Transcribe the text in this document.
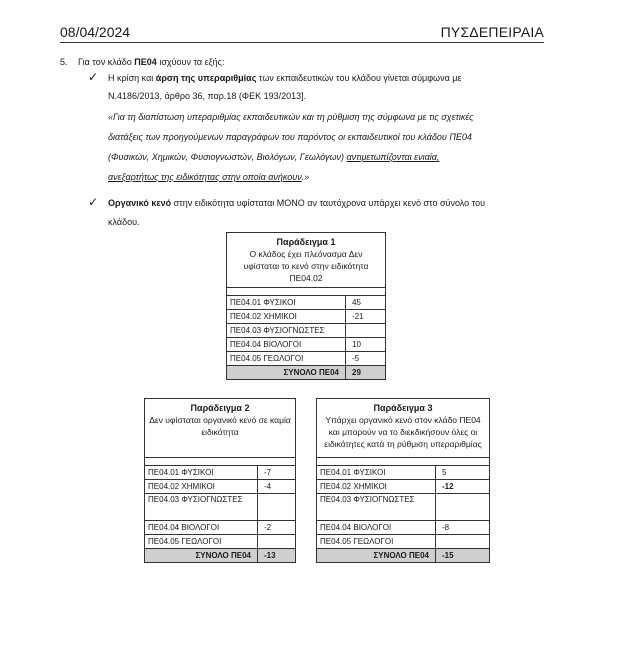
08/04/2024	ΠΥΣΔΕΠΕΙΡΑΙΑ
5. Για τον κλάδο ΠΕ04 ισχύουν τα εξής:
✓ Η κρίση και άρση της υπεραριθμίας των εκπαιδευτικών του κλάδου γίνεται σύμφωνα με
Ν.4186/2013, άρθρο 36, παρ.18 (ΦΕΚ 193/2013].
«Για τη διαπίστωση υπεραριθμίας εκπαιδευτικών και τη ρύθμιση της σύμφωνα με τις σχετικές
διατάξεις των προηγούμενων παραγράφων του παρόντος οι εκπαιδευτικοί του κλάδου ΠΕ04
(Φυσικών, Χημικών, Φυσιογνωστών, Βιολόγων, Γεωλόγων) αντιμετωπίζονται ενιαία,
ανεξαρτήτως της ειδικότητας στην οποία ανήκουν.»
✓ Οργανικό κενό στην ειδικότητα υφίσταται ΜΟΝΟ αν ταυτόχρονα υπάρχει κενό στο σύνολο του
κλάδου.
Παράδειγμα 1
Ο κλάδος έχει πλεόνασμα Δεν υφίσταται το κενό στην ειδικότητα ΠΕ04.02	

ΠΕ04.01 ΦΥΣΙΚΟΙ	45
ΠΕ04.02 ΧΗΜΙΚΟΙ	-21
ΠΕ04.03 ΦΥΣΙΟΓΝΩΣΤΕΣ	
ΠΕ04.04 ΒΙΟΛΟΓΟΙ	10
ΠΕ04.05 ΓΕΩΛΟΓΟΙ	-5
ΣΥΝΟΛΟ ΠΕ04	29
Παράδειγμα 2
Δεν υφίσταται οργανικό κενό σε καμία ειδικότητα	

ΠΕ04.01 ΦΥΣΙΚΟΙ	-7
ΠΕ04.02 ΧΗΜΙΚΟΙ	-4
ΠΕ04.03 ΦΥΣΙΟΓΝΩΣΤΕΣ	
ΠΕ04.04 ΒΙΟΛΟΓΟΙ	-2
ΠΕ04.05 ΓΕΩΛΟΓΟΙ	
ΣΥΝΟΛΟ ΠΕ04	-13
Παράδειγμα 3
Υπάρχει οργανικό κενό στον κλάδο ΠΕ04 και μπορούν να το διεκδικήσουν όλες οι ειδικότητες κατά τη ρύθμιση υπεραριθμίας	

ΠΕ04.01 ΦΥΣΙΚΟΙ	5
ΠΕ04.02 ΧΗΜΙΚΟΙ	-12
ΠΕ04.03 ΦΥΣΙΟΓΝΩΣΤΕΣ	
ΠΕ04.04 ΒΙΟΛΟΓΟΙ	-8
ΠΕ04.05 ΓΕΩΛΟΓΟΙ	
ΣΥΝΟΛΟ ΠΕ04	-15
